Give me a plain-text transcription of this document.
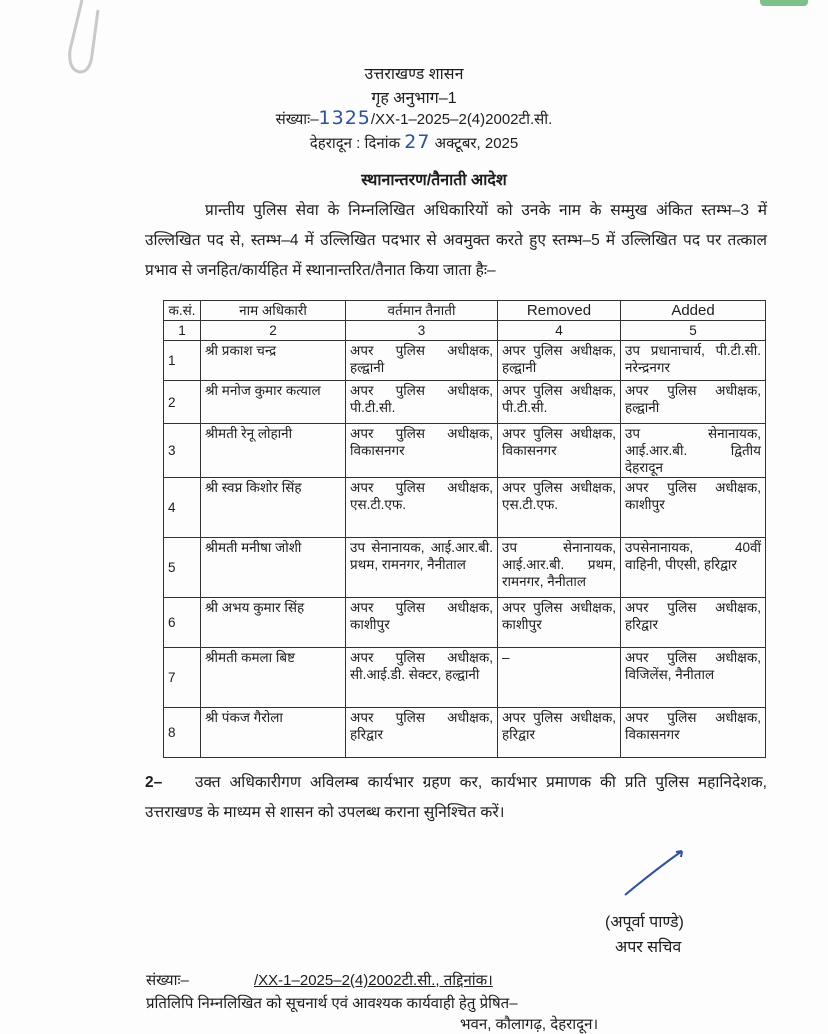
उत्तराखण्ड शासन
गृह अनुभाग–1
संख्याः–1325/XX-1–2025–2(4)2002टी.सी.
देहरादून : दिनांक 27 अक्टूबर, 2025
स्थानान्तरण/तैनाती आदेश
प्रान्तीय पुलिस सेवा के निम्नलिखित अधिकारियों को उनके नाम के सम्मुख अंकित स्तम्भ–3 में उल्लिखित पद से, स्तम्भ–4 में उल्लिखित पदभार से अवमुक्त करते हुए स्तम्भ–5 में उल्लिखित पद पर तत्काल प्रभाव से जनहित/कार्यहित में स्थानान्तरित/तैनात किया जाता हैः–
क.सं.	नाम अधिकारी	वर्तमान तैनाती	Removed	Added
1	2	3	4	5
1	श्री प्रकाश चन्द्र	अपर पुलिस अधीक्षक, हल्द्वानी	अपर पुलिस अधीक्षक, हल्द्वानी	उप प्रधानाचार्य, पी.टी.सी. नरेन्द्रनगर
2	श्री मनोज कुमार कत्याल	अपर पुलिस अधीक्षक, पी.टी.सी.	अपर पुलिस अधीक्षक, पी.टी.सी.	अपर पुलिस अधीक्षक, हल्द्वानी
3	श्रीमती रेनू लोहानी	अपर पुलिस अधीक्षक, विकासनगर	अपर पुलिस अधीक्षक, विकासनगर	उप सेनानायक, आई.आर.बी. द्वितीय देहरादून
4	श्री स्वप्न किशोर सिंह	अपर पुलिस अधीक्षक, एस.टी.एफ.	अपर पुलिस अधीक्षक, एस.टी.एफ.	अपर पुलिस अधीक्षक, काशीपुर
5	श्रीमती मनीषा जोशी	उप सेनानायक, आई.आर.बी. प्रथम, रामनगर, नैनीताल	उप सेनानायक, आई.आर.बी. प्रथम, रामनगर, नैनीताल	उपसेनानायक, 40वीं वाहिनी, पीएसी, हरिद्वार
6	श्री अभय कुमार सिंह	अपर पुलिस अधीक्षक, काशीपुर	अपर पुलिस अधीक्षक, काशीपुर	अपर पुलिस अधीक्षक, हरिद्वार
7	श्रीमती कमला बिष्ट	अपर पुलिस अधीक्षक, सी.आई.डी. सेक्टर, हल्द्वानी	–	अपर पुलिस अधीक्षक, विजिलेंस, नैनीताल
8	श्री पंकज गैरोला	अपर पुलिस अधीक्षक, हरिद्वार	अपर पुलिस अधीक्षक, हरिद्वार	अपर पुलिस अधीक्षक, विकासनगर
2– उक्त अधिकारीगण अविलम्ब कार्यभार ग्रहण कर, कार्यभार प्रमाणक की प्रति पुलिस महानिदेशक, उत्तराखण्ड के माध्यम से शासन को उपलब्ध कराना सुनिश्चित करें।
(अपूर्वा पाण्डे)
अपर सचिव
संख्याः–	/XX-1–2025–2(4)2002टी.सी., तद्दिनांक।
प्रतिलिपि निम्नलिखित को सूचनार्थ एवं आवश्यक कार्यवाही हेतु प्रेषित–
भवन, कौलागढ़, देहरादून।
